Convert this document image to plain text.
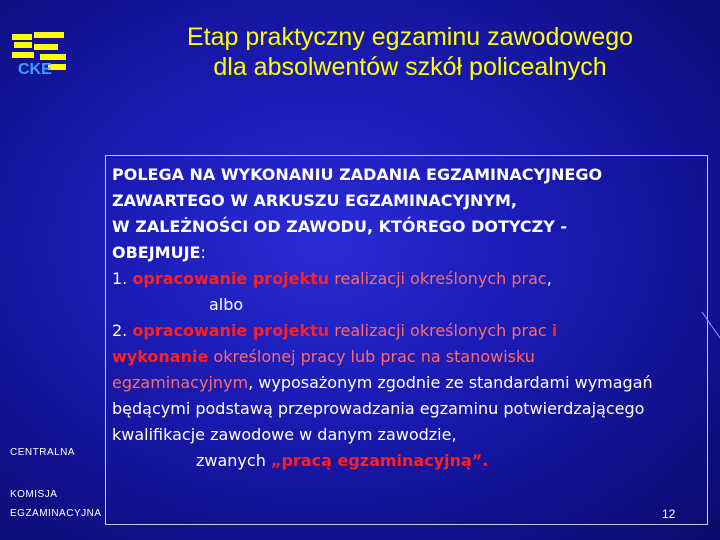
CKE
Etap praktyczny egzaminu zawodowego
dla absolwentów szkół policealnych
CENTRALNA
KOMISJA
EGZAMINACYJNA
POLEGA NA WYKONANIU ZADANIA EGZAMINACYJNEGO
ZAWARTEGO W ARKUSZU EGZAMINACYJNYM,
W ZALEŻNOŚCI OD ZAWODU, KTÓREGO DOTYCZY -
OBEJMUJE:
1. opracowanie projektu realizacji określonych prac,
albo
2. opracowanie projektu realizacji określonych prac i
wykonanie określonej pracy lub prac na stanowisku
egzaminacyjnym, wyposażonym zgodnie ze standardami wymagań
będącymi podstawą przeprowadzania egzaminu potwierdzającego
kwalifikacje zawodowe w danym zawodzie,
zwanych „pracą egzaminacyjną”.
12
